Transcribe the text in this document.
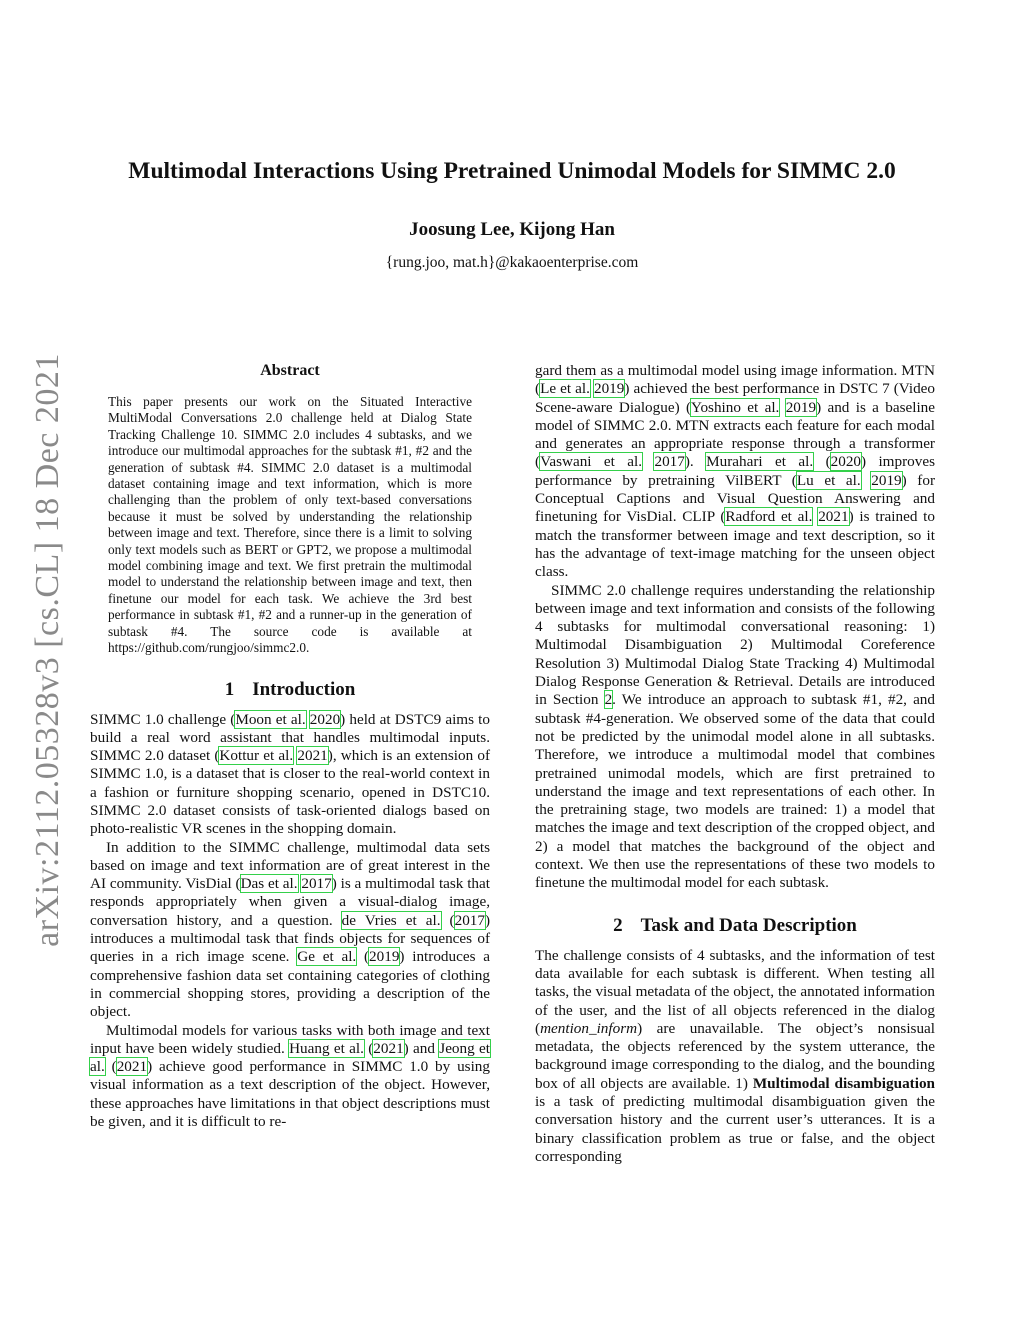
arXiv:2112.05328v3 [cs.CL] 18 Dec 2021
Multimodal Interactions Using Pretrained Unimodal Models for SIMMC 2.0
Joosung Lee, Kijong Han
{rung.joo, mat.h}@kakaoenterprise.com
Abstract
This paper presents our work on the Situated Interactive MultiModal Conversations 2.0 challenge held at Dialog State Tracking Challenge 10. SIMMC 2.0 includes 4 subtasks, and we introduce our multimodal approaches for the subtask #1, #2 and the generation of subtask #4. SIMMC 2.0 dataset is a multimodal dataset containing image and text information, which is more challenging than the problem of only text-based conversations because it must be solved by understanding the relationship between image and text. Therefore, since there is a limit to solving only text models such as BERT or GPT2, we propose a multimodal model combining image and text. We first pretrain the multimodal model to understand the relationship between image and text, then finetune our model for each task. We achieve the 3rd best performance in subtask #1, #2 and a runner-up in the generation of subtask #4. The source code is available at https://github.com/rungjoo/simmc2.0.
1 Introduction

SIMMC 1.0 challenge (Moon et al. 2020) held at DSTC9 aims to build a real word assistant that handles multimodal inputs. SIMMC 2.0 dataset (Kottur et al. 2021), which is an extension of SIMMC 1.0, is a dataset that is closer to the real-world context in a fashion or furniture shopping scenario, opened in DSTC10. SIMMC 2.0 dataset consists of task-oriented dialogs based on photo-realistic VR scenes in the shopping domain.

In addition to the SIMMC challenge, multimodal data sets based on image and text information are of great interest in the AI community. VisDial (Das et al. 2017) is a multimodal task that responds appropriately when given a visual-dialog image, conversation history, and a question. de Vries et al. (2017) introduces a multimodal task that finds objects for sequences of queries in a rich image scene. Ge et al. (2019) introduces a comprehensive fashion data set containing categories of clothing in commercial shopping stores, providing a description of the object.

Multimodal models for various tasks with both image and text input have been widely studied. Huang et al. (2021) and Jeong et al. (2021) achieve good performance in SIMMC 1.0 by using visual information as a text description of the object. However, these approaches have limitations in that object descriptions must be given, and it is difficult to re-

gard them as a multimodal model using image information. MTN (Le et al. 2019) achieved the best performance in DSTC 7 (Video Scene-aware Dialogue) (Yoshino et al. 2019) and is a baseline model of SIMMC 2.0. MTN extracts each feature for each modal and generates an appropriate response through a transformer (Vaswani et al. 2017). Murahari et al. (2020) improves performance by pretraining VilBERT (Lu et al. 2019) for Conceptual Captions and Visual Question Answering and finetuning for VisDial. CLIP (Radford et al. 2021) is trained to match the transformer between image and text description, so it has the advantage of text-image matching for the unseen object class.

SIMMC 2.0 challenge requires understanding the relationship between image and text information and consists of the following 4 subtasks for multimodal conversational reasoning: 1) Multimodal Disambiguation 2) Multimodal Coreference Resolution 3) Multimodal Dialog State Tracking 4) Multimodal Dialog Response Generation & Retrieval. Details are introduced in Section 2. We introduce an approach to subtask #1, #2, and subtask #4-generation. We observed some of the data that could not be predicted by the unimodal model alone in all subtasks. Therefore, we introduce a multimodal model that combines pretrained unimodal models, which are first pretrained to understand the image and text representations of each other. In the pretraining stage, two models are trained: 1) a model that matches the image and text description of the cropped object, and 2) a model that matches the background of the object and context. We then use the representations of these two models to finetune the multimodal model for each subtask.

2 Task and Data Description

The challenge consists of 4 subtasks, and the information of test data available for each subtask is different. When testing all tasks, the visual metadata of the object, the annotated information of the user, and the list of all objects referenced in the dialog (mention_inform) are unavailable. The object’s nonsisual metadata, the objects referenced by the system utterance, the background image corresponding to the dialog, and the bounding box of all objects are available. 1) Multimodal disambiguation is a task of predicting multimodal disambiguation given the conversation history and the current user’s utterances. It is a binary classification problem as true or false, and the object corresponding
